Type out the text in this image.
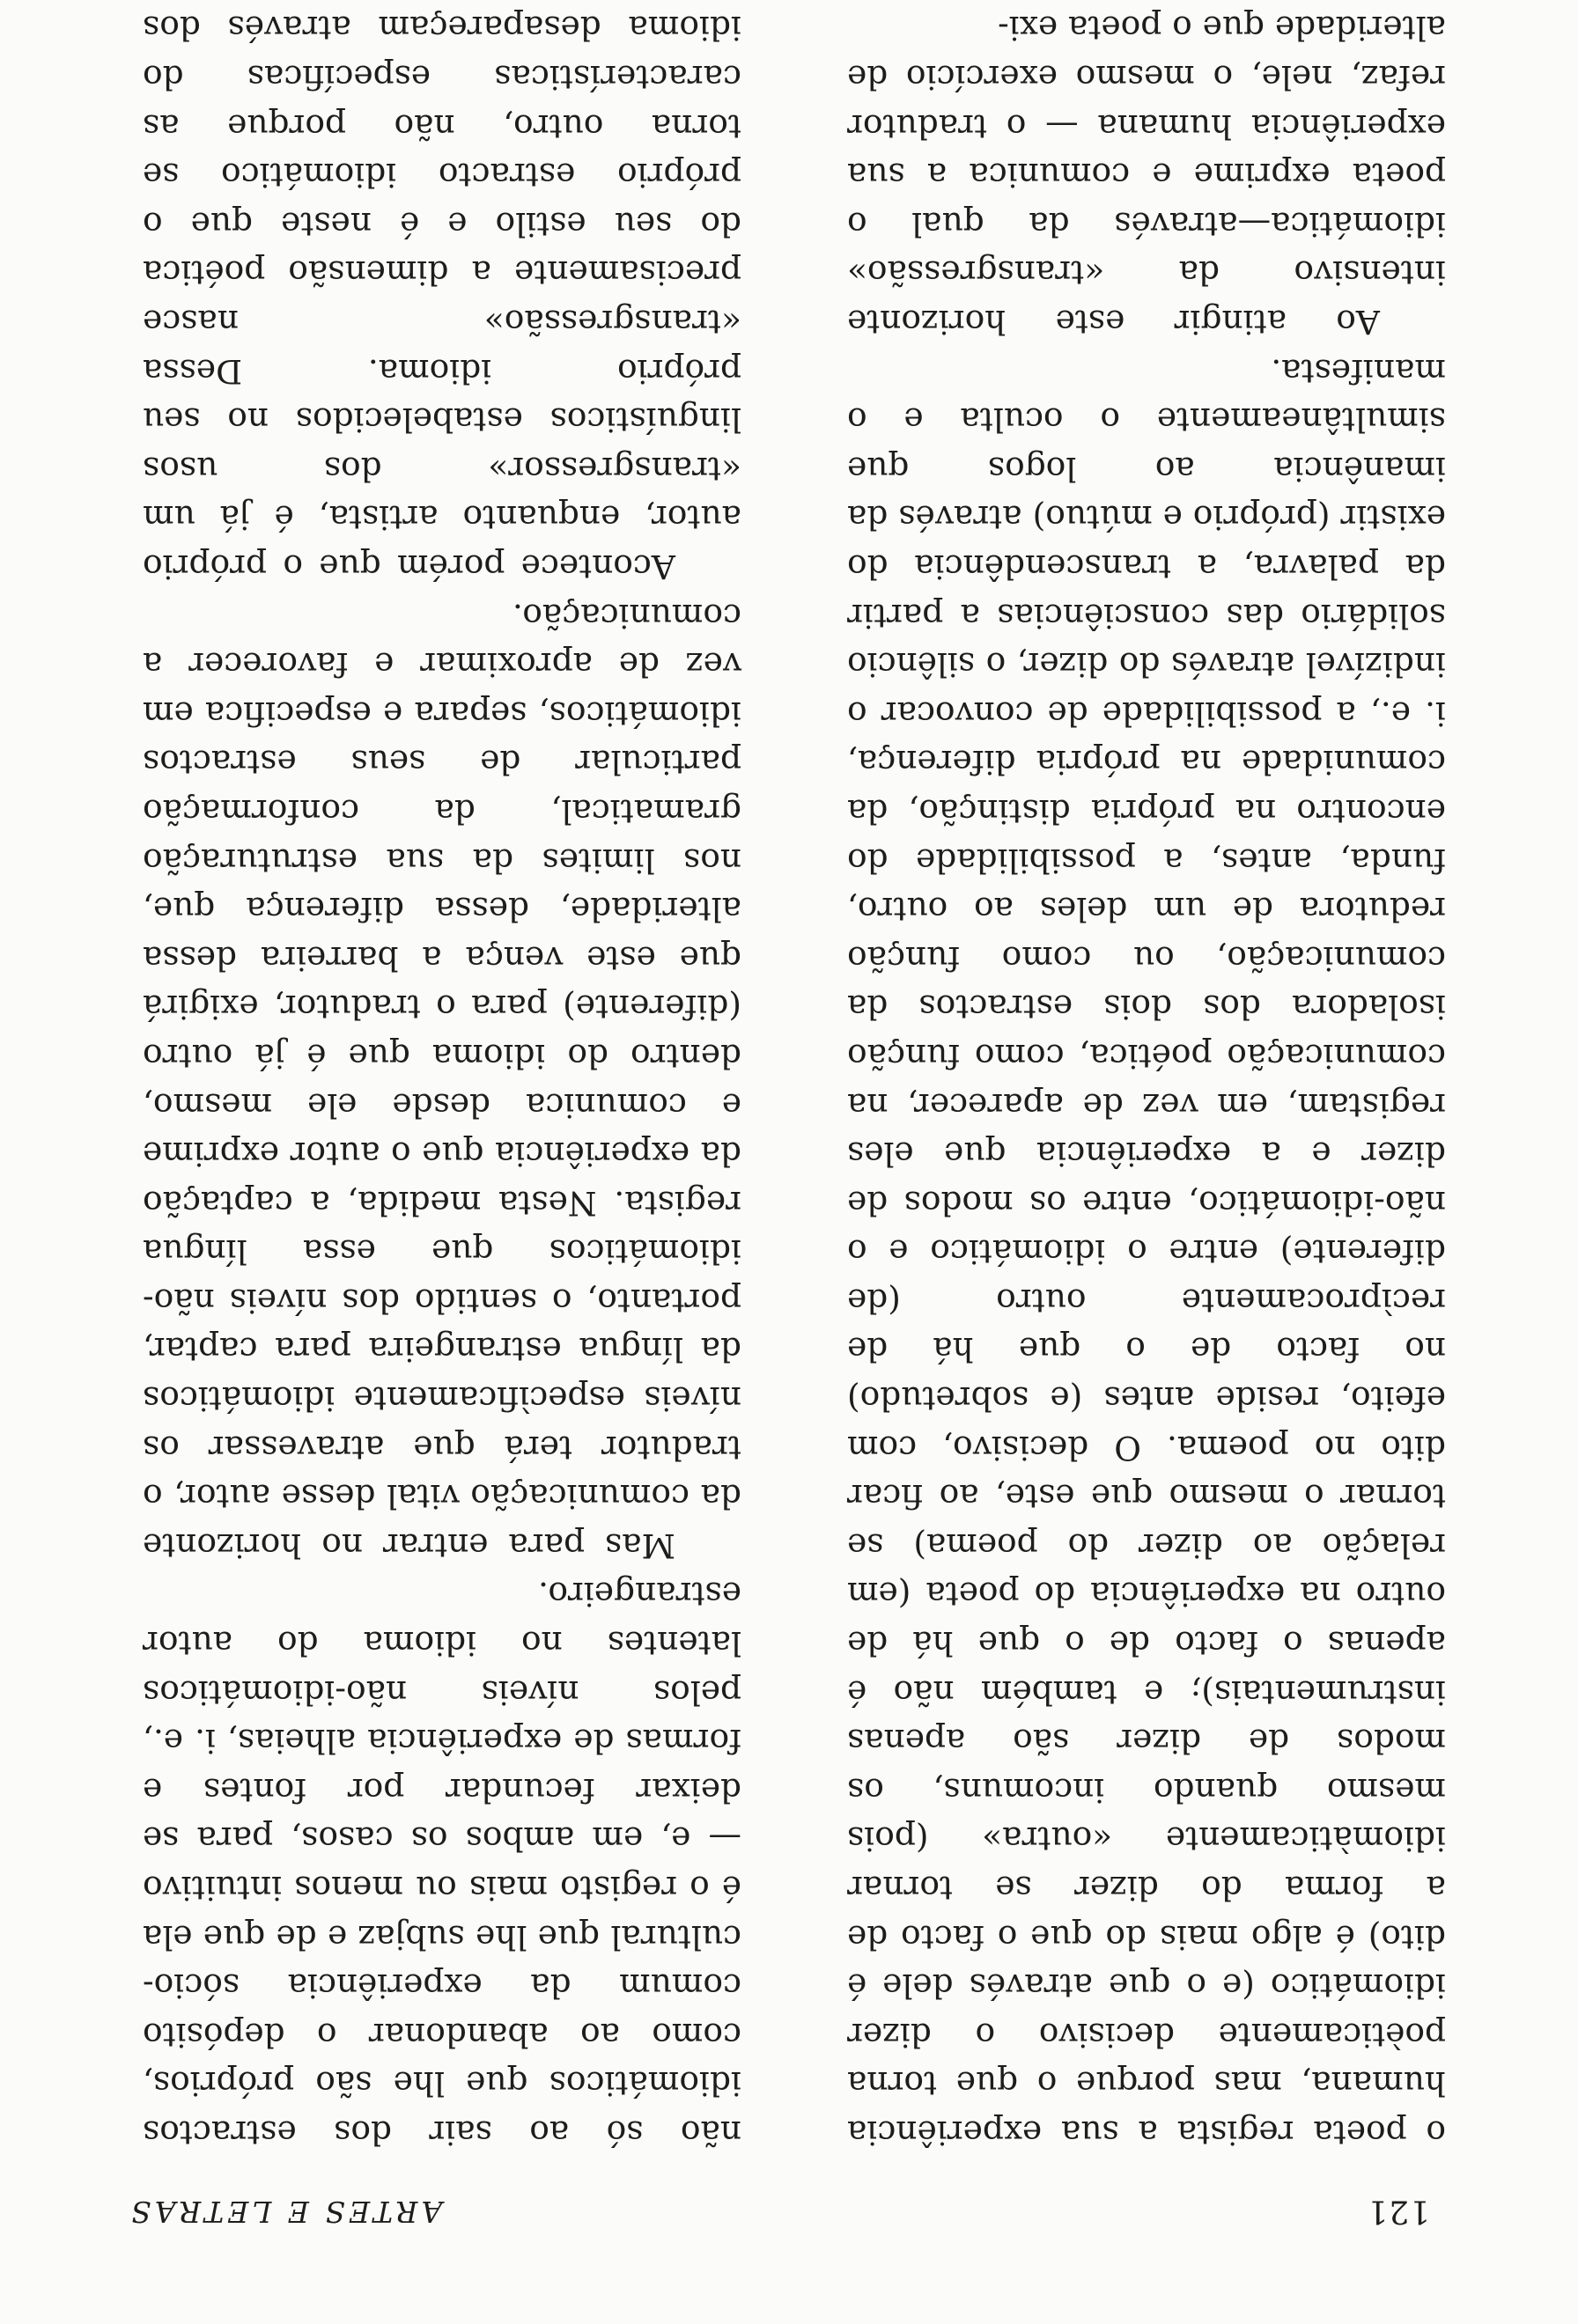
ARTES E LETRAS	121

o poeta regista a sua experiência humana, mas porque o que torna poèticamente decisivo o dizer idiomático (e o que através dele é dito) é algo mais do que o facto de a forma do dizer se tornar idiomàticamente «outra» (pois mesmo quando incomuns, os modos de dizer são apenas instrumentais); e também não é apenas o facto de o que há de outro na experiência do poeta (em relação ao dizer do poema) se tornar o mesmo que este, ao ficar dito no poema. O decisivo, com efeito, reside antes (e sobretudo) no facto de o que há de recìprocamente outro (de diferente) entre o idiomático e o não-idiomático, entre os modos de dizer e a experiência que eles registam, em vez de aparecer, na comunicação poética, como função isoladora dos dois estractos da comunicação, ou como função redutora de um deles ao outro, funda, antes, a possibilidade do encontro na própria distinção, da comunidade na própria diferença, i. e., a possibilidade de convocar o indizível através do dizer, o silêncio solidário das consciências a partir da palavra, a transcendência do existir (próprio e mútuo) através da imanência ao logos que simultâneamente o oculta e o manifesta.

Ao atingir este horizonte intensivo da «transgressão» idiomática—através da qual o poeta exprime e comunica a sua experiência humana — o tradutor refaz, nele, o mesmo exercício de alteridade que o poeta exi-

não só ao sair dos estractos idiomáticos que lhe são próprios, como ao abandonar o depósito comum da experiência sócio-cultural que lhe subjaz e de que ela é o registo mais ou menos intuitivo — e, em ambos os casos, para se deixar fecundar por fontes e formas de experiência alheias, i. e., pelos níveis não-idiomáticos latentes no idioma do autor estrangeiro.

Mas para entrar no horizonte da comunicação vital desse autor, o tradutor terá que atravessar os níveis especìficamente idiomáticos da língua estrangeira para captar, portanto, o sentido dos níveis não-idiomáticos que essa língua regista. Nesta medida, a captação da experiência que o autor exprime e comunica desde ele mesmo, dentro do idioma que é já outro (diferente) para o tradutor, exigirá que este vença a barreira dessa alteridade, dessa diferença que, nos limites da sua estruturação gramatical, da conformação particular de seus estractos idiomáticos, separa e especifica em vez de aproximar e favorecer a comunicação.

Acontece porém que o próprio autor, enquanto artista, é já um «transgressor» dos usos linguísticos estabelecidos no seu próprio idioma. Dessa «transgressão» nasce precisamente a dimensão poética do seu estilo e é neste que o próprio estracto idiomático se torna outro, não porque as características específicas do idioma desapareçam através dos
